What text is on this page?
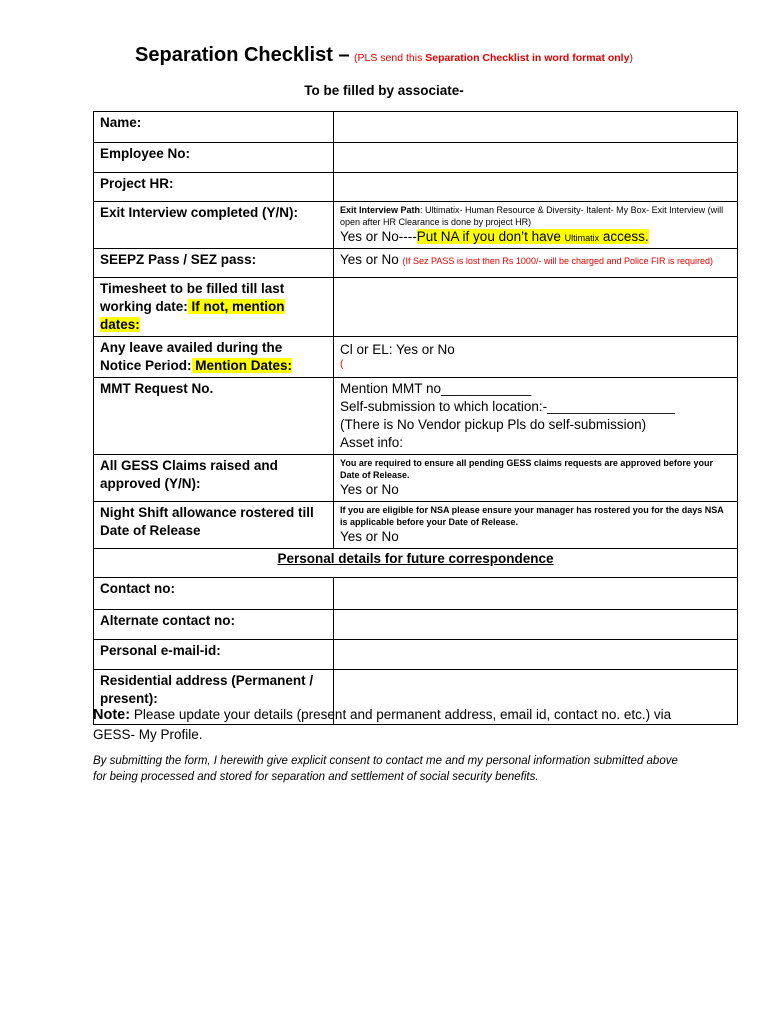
Separation Checklist – (PLS send this Separation Checklist in word format only)
To be filled by associate-
Name:	
Employee No:	
Project HR:	
Exit Interview completed (Y/N):	Exit Interview Path: Ultimatix- Human Resource & Diversity- Italent- My Box- Exit Interview (will open after HR Clearance is done by project HR)
Yes or No----Put NA if you don’t have Ultimatix access.

SEEPZ Pass / SEZ pass:	Yes or No (If Sez PASS is lost then Rs 1000/- will be charged and Police FIR is required)
Timesheet to be filled till last working date: If not, mention dates:	
Any leave availed during the Notice Period: Mention Dates:	Cl or EL: Yes or No
(

MMT Request No.	Mention MMT no____________
Self-submission to which location:-_________________
(There is No Vendor pickup Pls do self-submission)
Asset info:

All GESS Claims raised and approved (Y/N):	You are required to ensure all pending GESS claims requests are approved before your Date of Release.
Yes or No

Night Shift allowance rostered till Date of Release	If you are eligible for NSA please ensure your manager has rostered you for the days NSA is applicable before your Date of Release.
Yes or No

Personal details for future correspondence	
Contact no:	
Alternate contact no:	
Personal e-mail-id:	
Residential address (Permanent / present):	
Note: Please update your details (present and permanent address, email id, contact no. etc.) via GESS- My Profile.
By submitting the form, I herewith give explicit consent to contact me and my personal information submitted above for being processed and stored for separation and settlement of social security benefits.
